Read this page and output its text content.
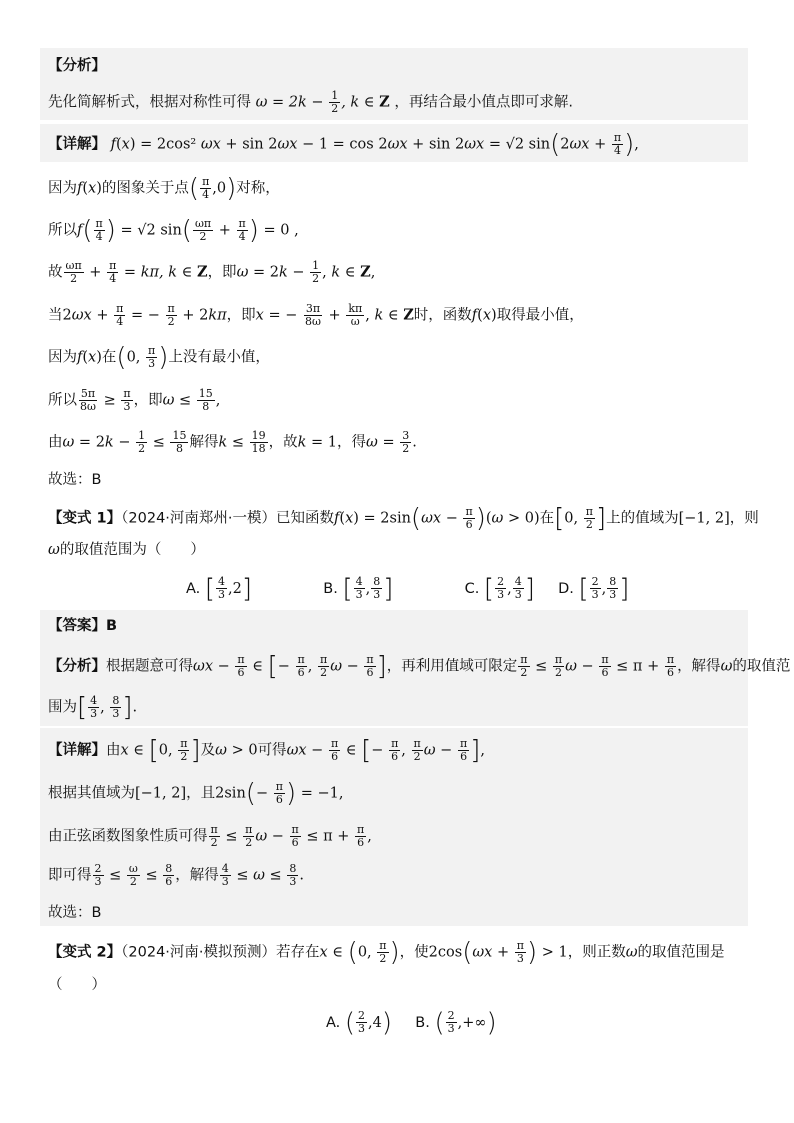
【分析】
先化简解析式，根据对称性可得 $\omega = 2k - \frac{1}{2}$ , k ∈ Z ，再结合最小值点即可求解.
【详解】 f(x) = 2cos² ωx + sin 2ωx − 1 = cos 2ωx + sin 2ωx = √2 $\sin(2\omega x + \frac{\pi}{4}$ ),
因为f(x)的图象关于点( $\frac{\pi}{4} ,0$)对称，
所以$f( \frac{\pi}{4}$ ) = √2 $\sin( \frac{\omega\pi}{2} + \frac{\pi}{4}$ ) = 0 ,
故 $\frac{\omega\pi}{2} + \frac{\pi}{4} = k\pi$, k ∈ Z，即$\omega = 2k - \frac{1}{2}$ , k ∈ Z,
当$2\omega x + \frac{\pi}{4}$ = − $\frac{\pi}{2} + 2k\pi$，即x = − $\frac{3\pi}{8\omega} + \frac{k\pi}{\omega}$ , k ∈ Z时，函数f(x)取得最小值，
因为f(x)在(0, $\frac{\pi}{3}$ )上没有最小值，
所以 $\frac{5\pi}{8\omega} \ge \frac{\pi}{3}$ ，即$\omega \le \frac{15}{8}$ ,
由$\omega = 2k - \frac{1}{2} \le \frac{15}{8}$ 解得$k \le \frac{19}{18}$ ，故k = 1，得$\omega = \frac{3}{2}$ .
故选：B
【变式 1】（2024·河南郑州·一模）已知函数$f(x) = 2\sin(\omega x - \frac{\pi}{6} )(\omega > 0)$在[0, $\frac{\pi}{2}$ ]上的值域为[−1, 2]，则
ω的取值范围为（　　）
A. [ $\frac{4}{3} ,2$]	B. [ $\frac{4}{3}$ , $\frac{8}{3}$ ]	C. [ $\frac{2}{3}$ , $\frac{4}{3}$ ] D. [ $\frac{2}{3}$ , $\frac{8}{3}$ ]
【答案】B
【分析】根据题意可得$\omega x - \frac{\pi}{6}$ ∈ [− $\frac{\pi}{6}$ , $\frac{\pi}{2}$ $\omega - \frac{\pi}{6}$ ]，再利用值域可限定 $\frac{\pi}{2} \le \frac{\pi}{2}$ $\omega - \frac{\pi}{6} \le \pi + \frac{\pi}{6}$ ，解得ω的取值范
围为[ $\frac{4}{3}$ , $\frac{8}{3}$ ].
【详解】由x ∈ [0, $\frac{\pi}{2}$ ]及ω > 0可得$\omega x - \frac{\pi}{6}$ ∈ [− $\frac{\pi}{6}$ , $\frac{\pi}{2}$ $\omega - \frac{\pi}{6}$ ],
根据其值域为[−1, 2]，且$2\sin(- \frac{\pi}{6}$ ) = −1,
由正弦函数图象性质可得 $\frac{\pi}{2} \le \frac{\pi}{2}$ $\omega - \frac{\pi}{6} \le \pi + \frac{\pi}{6}$ ,
即可得 $\frac{2}{3} \le \frac{\omega}{2} \le \frac{8}{6}$ ，解得 $\frac{4}{3} \le \omega \le \frac{8}{3}$ .
故选：B
【变式 2】（2024·河南·模拟预测）若存在x ∈ (0, $\frac{\pi}{2}$ )，使$2\cos(\omega x + \frac{\pi}{3}$ ) > 1，则正数ω的取值范围是
（　　）
A. ( $\frac{2}{3} ,4$) B. ( $\frac{2}{3}$ ,+∞)
